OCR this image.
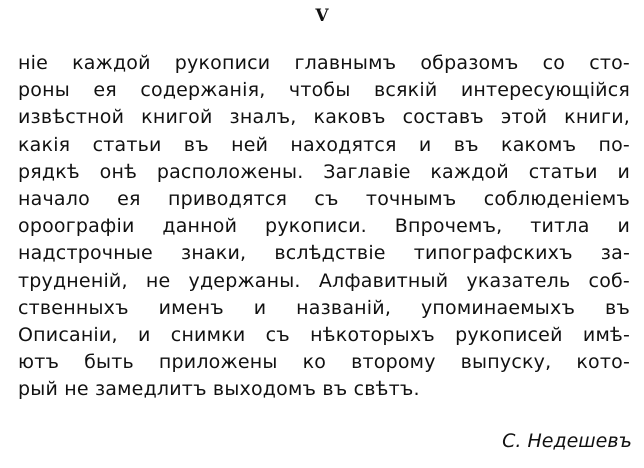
V
ніе каждой рукописи главнымъ образомъ со сто-
роны ея содержанія, чтобы всякій интересующійся
извѣстной книгой зналъ, каковъ составъ этой книги,
какія статьи въ ней находятся и въ какомъ по-
рядкѣ онѣ расположены. Заглавіе каждой статьи и
начало ея приводятся съ точнымъ соблюденіемъ
ороографіи данной рукописи. Впрочемъ, титла и
надстрочные знаки, вслѣдствіе типографскихъ за-
трудненій, не удержаны. Алфавитный указатель соб-
ственныхъ именъ и названій, упоминаемыхъ въ
Описаніи, и снимки съ нѣкоторыхъ рукописей имѣ-
ютъ быть приложены ко второму выпуску, кото-
рый не замедлитъ выходомъ въ свѣтъ.
С. Недешевъ
